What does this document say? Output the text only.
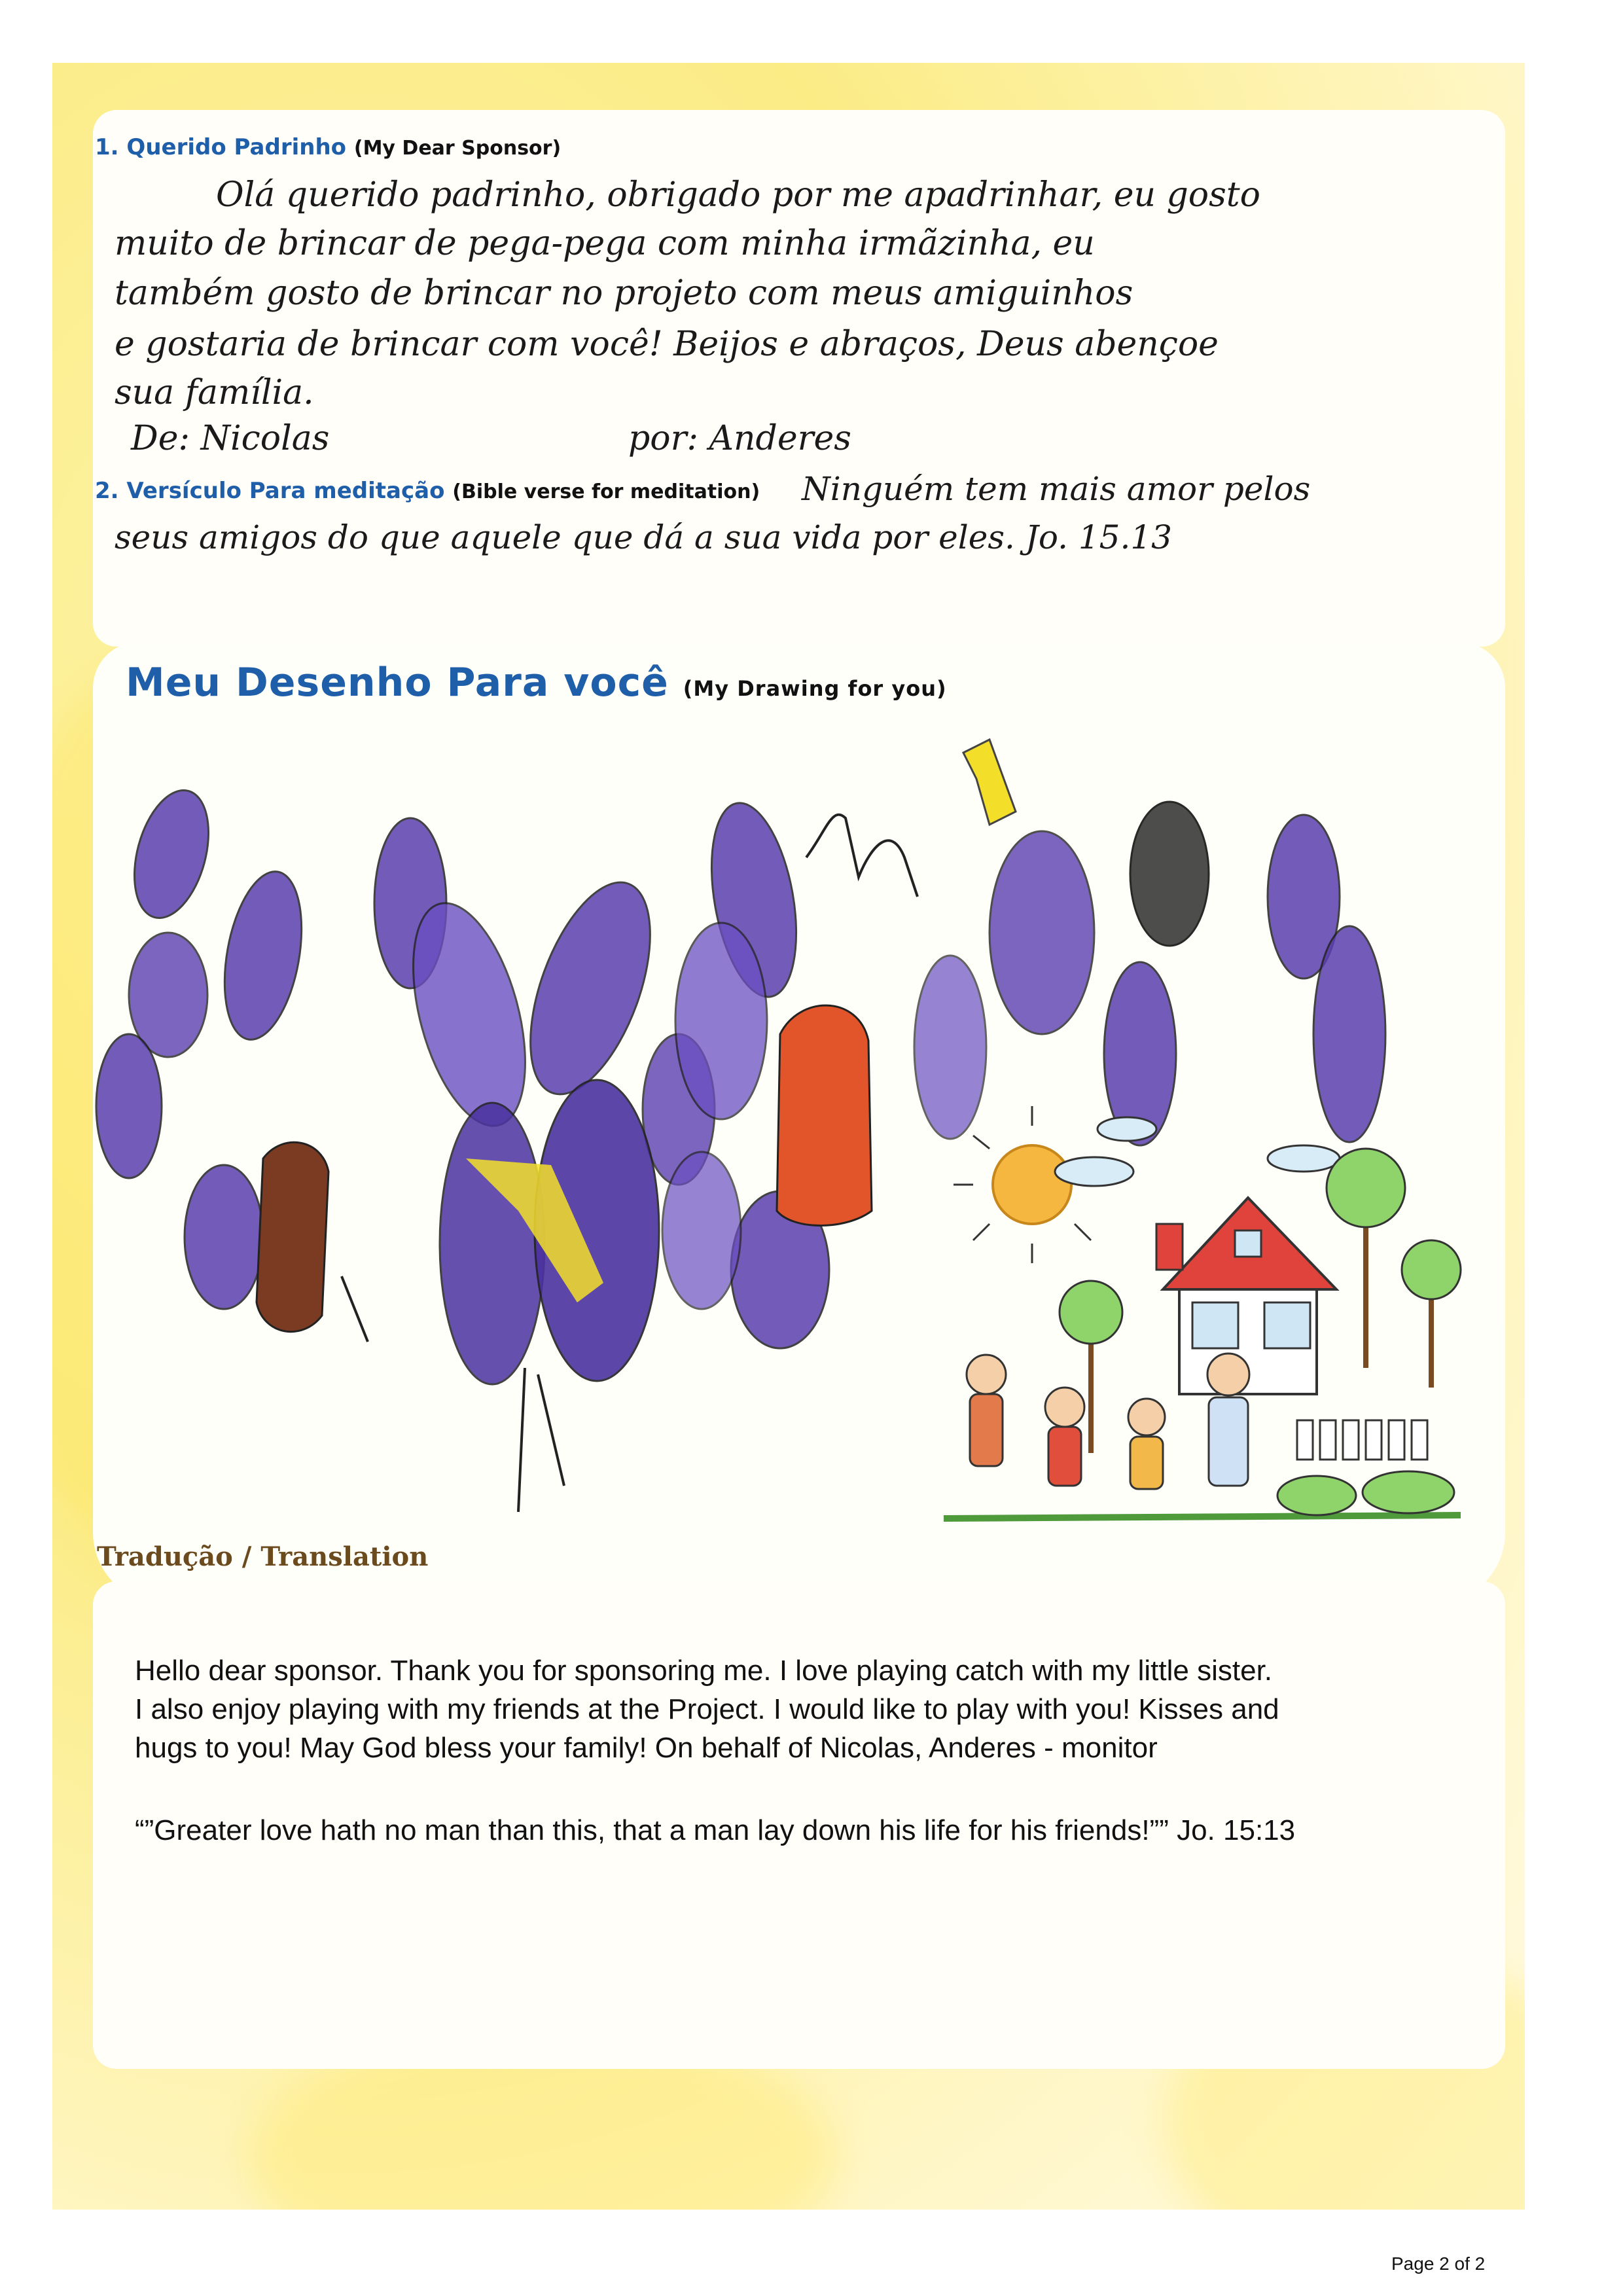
1. Querido Padrinho (My Dear Sponsor)
Olá querido padrinho, obrigado por me apadrinhar, eu gosto
muito de brincar de pega-pega com minha irmãzinha, eu
também gosto de brincar no projeto com meus amiguinhos
e gostaria de brincar com você! Beijos e abraços, Deus abençoe
sua família.
De: Nicolas	por: Anderes
2. Versículo Para meditação (Bible verse for meditation) Ninguém tem mais amor pelos
seus amigos do que aquele que dá a sua vida por eles. Jo. 15.13
Meu Desenho Para você (My Drawing for you)
Tradução / Translation
Hello dear sponsor. Thank you for sponsoring me. I love playing catch with my little sister.
I also enjoy playing with my friends at the Project. I would like to play with you! Kisses and
hugs to you! May God bless your family! On behalf of Nicolas, Anderes - monitor
“”Greater love hath no man than this, that a man lay down his life for his friends!”” Jo. 15:13
Page 2 of 2
